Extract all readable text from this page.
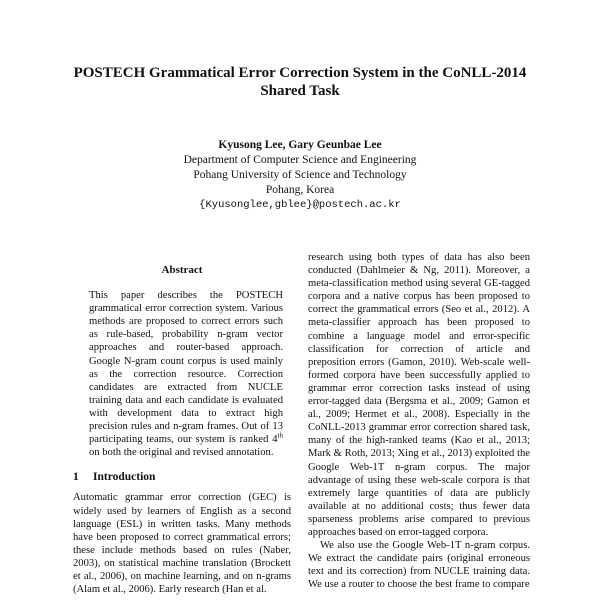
POSTECH Grammatical Error Correction System in the CoNLL-2014 Shared Task
Kyusong Lee, Gary Geunbae Lee
Department of Computer Science and Engineering
Pohang University of Science and Technology
Pohang, Korea
{Kyusonglee,gblee}@postech.ac.kr
Abstract

This paper describes the POSTECH grammatical error correction system. Various methods are proposed to correct errors such as rule-based, probability n-gram vector approaches and router-based approach. Google N-gram count corpus is used mainly as the correction resource. Correction candidates are extracted from NUCLE training data and each candidate is evaluated with development data to extract high precision rules and n-gram frames. Out of 13 participating teams, our system is ranked 4th on both the original and revised annotation.

1 Introduction

Automatic grammar error correction (GEC) is widely used by learners of English as a second language (ESL) in written tasks. Many methods have been proposed to correct grammatical errors; these include methods based on rules (Naber, 2003), on statistical machine translation (Brockett et al., 2006), on machine learning, and on n-grams (Alam et al., 2006). Early research (Han et al.

research using both types of data has also been conducted (Dahlmeier & Ng, 2011). Moreover, a meta-classification method using several GE-tagged corpora and a native corpus has been proposed to correct the grammatical errors (Seo et al., 2012). A meta-classifier approach has been proposed to combine a language model and error-specific classification for correction of article and preposition errors (Gamon, 2010). Web-scale well-formed corpora have been successfully applied to grammar error correction tasks instead of using error-tagged data (Bergsma et al., 2009; Gamon et al., 2009; Hermet et al., 2008). Especially in the CoNLL-2013 grammar error correction shared task, many of the high-ranked teams (Kao et al., 2013; Mark & Roth, 2013; Xing et al., 2013) exploited the Google Web-1T n-gram corpus. The major advantage of using these web-scale corpora is that extremely large quantities of data are publicly available at no additional costs; thus fewer data sparseness problems arise compared to previous approaches based on error-tagged corpora.

We also use the Google Web-1T n-gram corpus. We extract the candidate pairs (original erroneous text and its correction) from NUCLE training data. We use a router to choose the best frame to compare
